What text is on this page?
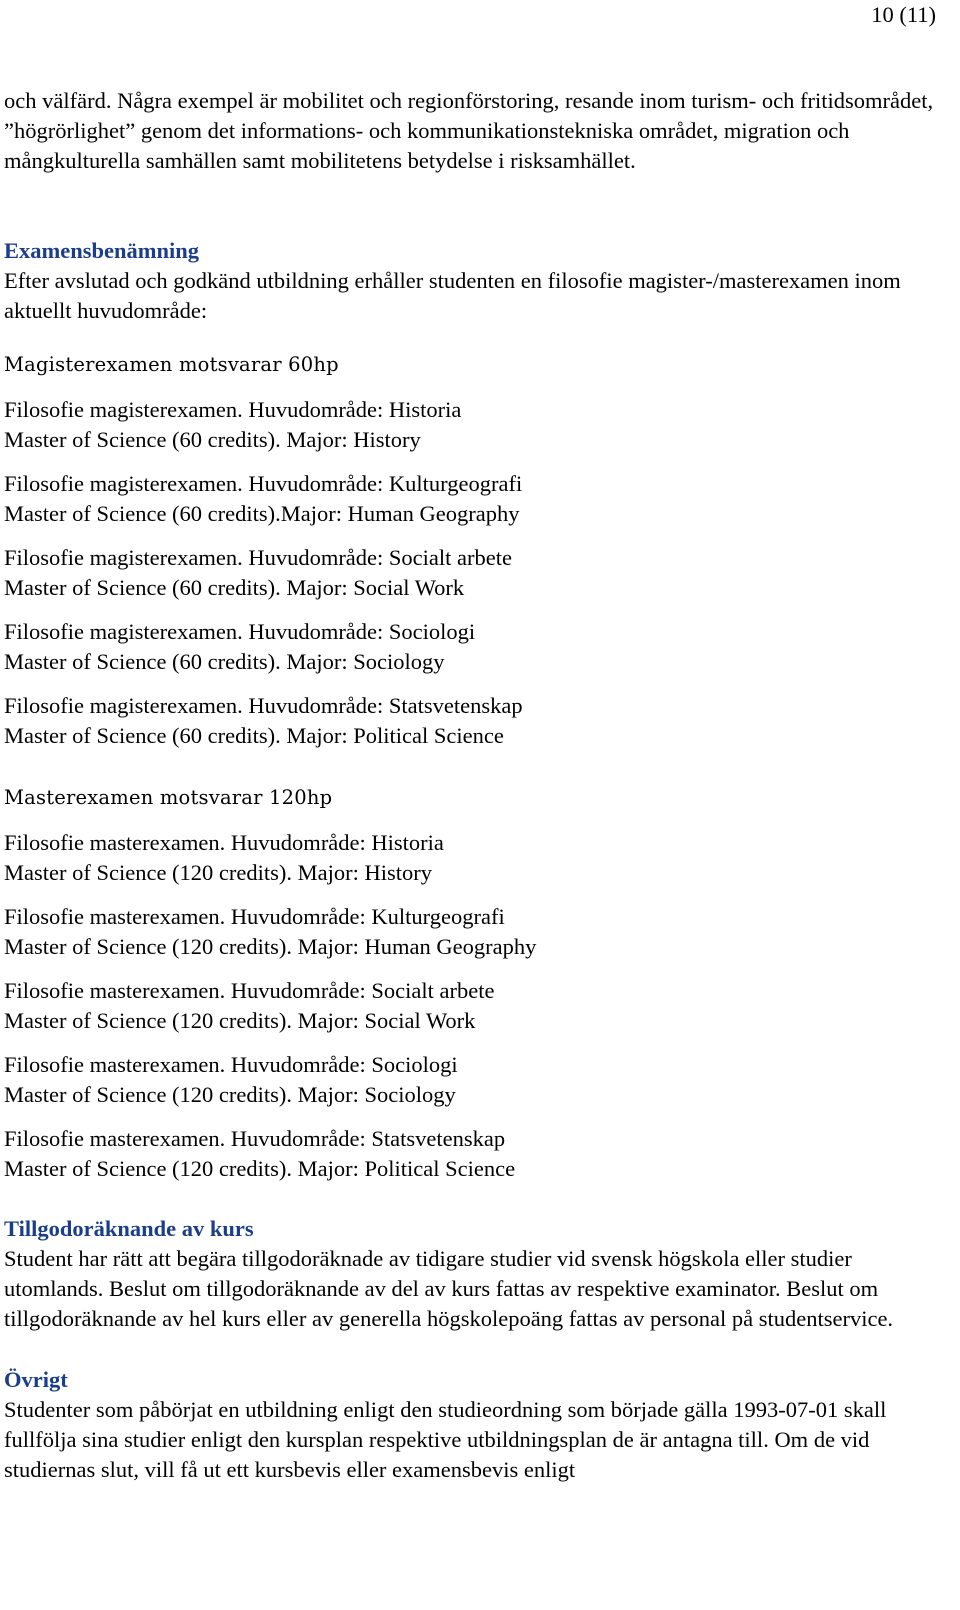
10 (11)

och välfärd. Några exempel är mobilitet och regionförstoring, resande inom turism- och fritidsområdet, ”högrörlighet” genom det informations- och kommunikationstekniska området, migration och mångkulturella samhällen samt mobilitetens betydelse i risksamhället.

Examensbenämning

Efter avslutad och godkänd utbildning erhåller studenten en filosofie magister-/masterexamen inom aktuellt huvudområde:

Magisterexamen motsvarar 60hp

Filosofie magisterexamen. Huvudområde: Historia

Master of Science (60 credits). Major: History

Filosofie magisterexamen. Huvudområde: Kulturgeografi

Master of Science (60 credits).Major: Human Geography

Filosofie magisterexamen. Huvudområde: Socialt arbete

Master of Science (60 credits). Major: Social Work

Filosofie magisterexamen. Huvudområde: Sociologi

Master of Science (60 credits). Major: Sociology

Filosofie magisterexamen. Huvudområde: Statsvetenskap

Master of Science (60 credits). Major: Political Science

Masterexamen motsvarar 120hp

Filosofie masterexamen. Huvudområde: Historia

Master of Science (120 credits). Major: History

Filosofie masterexamen. Huvudområde: Kulturgeografi

Master of Science (120 credits). Major: Human Geography

Filosofie masterexamen. Huvudområde: Socialt arbete

Master of Science (120 credits). Major: Social Work

Filosofie masterexamen. Huvudområde: Sociologi

Master of Science (120 credits). Major: Sociology

Filosofie masterexamen. Huvudområde: Statsvetenskap

Master of Science (120 credits). Major: Political Science

Tillgodoräknande av kurs

Student har rätt att begära tillgodoräknade av tidigare studier vid svensk högskola eller studier utomlands. Beslut om tillgodoräknande av del av kurs fattas av respektive examinator. Beslut om tillgodoräknande av hel kurs eller av generella högskolepoäng fattas av personal på studentservice.

Övrigt

Studenter som påbörjat en utbildning enligt den studieordning som började gälla 1993-07-01 skall fullfölja sina studier enligt den kursplan respektive utbildningsplan de är antagna till. Om de vid studiernas slut, vill få ut ett kursbevis eller examensbevis enligt
